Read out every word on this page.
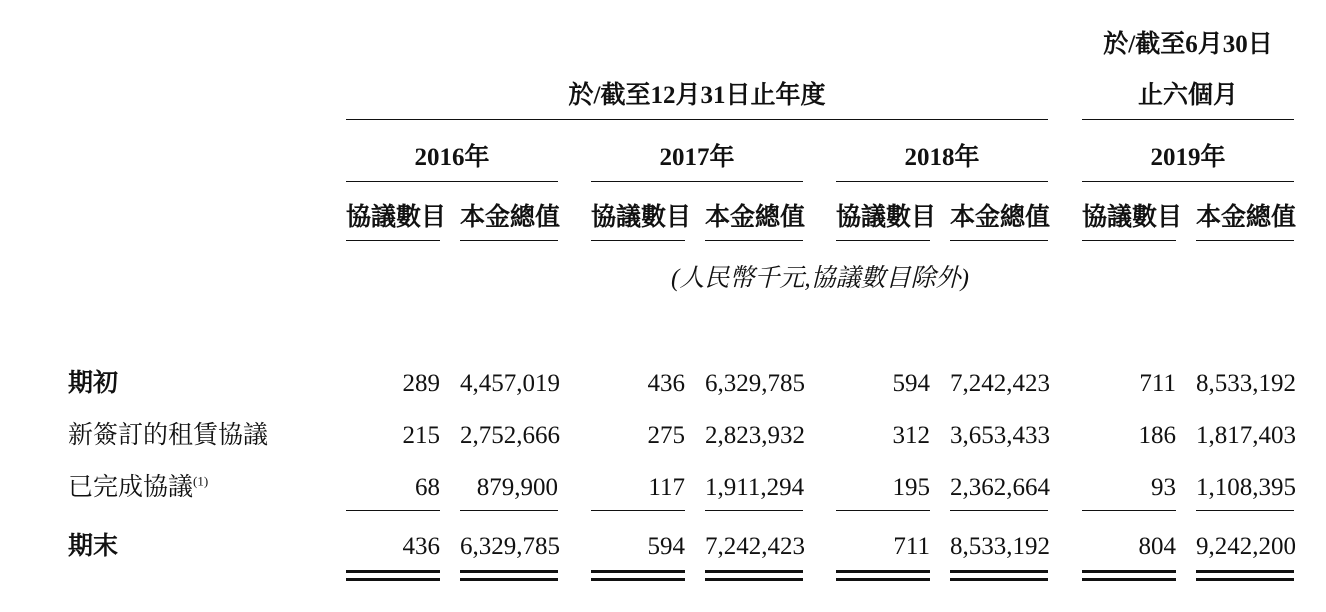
於/截至6月30日
於/截至12月31日止年度	止六個月
2016年	2017年	2018年	2019年
協議數目 本金總值 協議數目 本金總值 協議數目 本金總值 協議數目 本金總值
(人民幣千元,協議數目除外)
期初	289 4,457,019	436 6,329,785	594 7,242,423	711 8,533,192
新簽訂的租賃協議	215 2,752,666	275 2,823,932	312 3,653,433	186 1,817,403
已完成協議$^{(1)}$	68	879,900	117 1,911,294	195 2,362,664	93 1,108,395
期末	436 6,329,785	594 7,242,423	711 8,533,192	804 9,242,200
